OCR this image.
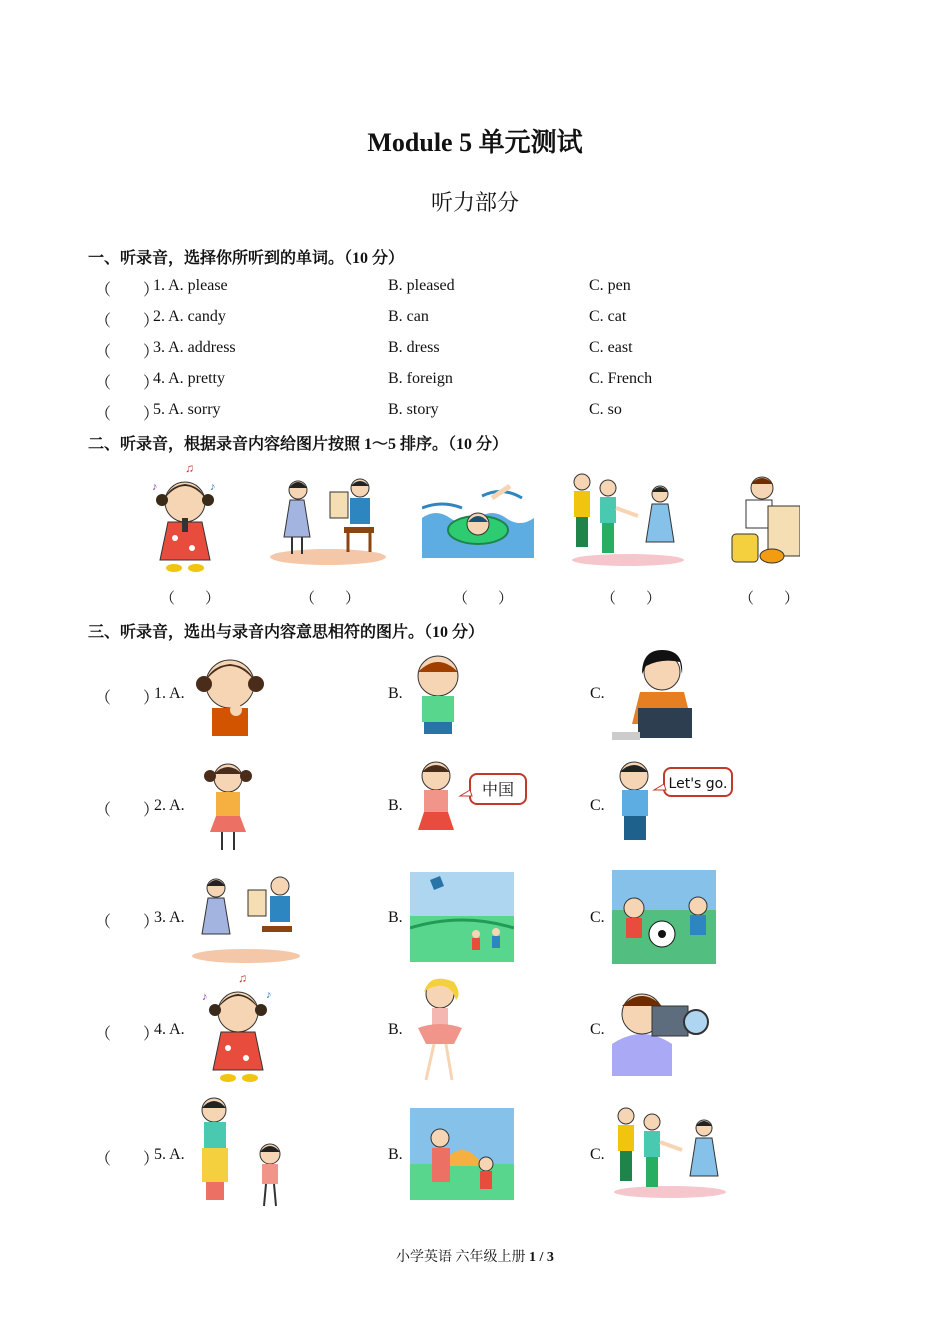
Module 5 单元测试
听力部分
一、听录音，选择你所听到的单词。（10 分）
（　　）
1. A. please	B. pleased	C. pen
（　　）
2. A. candy	B. can	C. cat
（　　）
3. A. address	B. dress	C. east
（　　）
4. A. pretty	B. foreign	C. French
（　　）
5. A. sorry	B. story	C. so
二、听录音，根据录音内容给图片按照 1～5 排序。（10 分）
♫
♪	♪
（　　）	（　　）	（　　）	（　　）	（　　）
三、听录音，选出与录音内容意思相符的图片。（10 分）
（　　）
1. A.	B.	C.
（　　）
2. A.	B.
中国
C.
Let's go.
（　　）
3. A.	B.	C.
（　　）
4. A.
♫
♪	♪
B.	C.
（　　）
5. A.	B.	C.
小学英语 六年级上册 1 / 3
